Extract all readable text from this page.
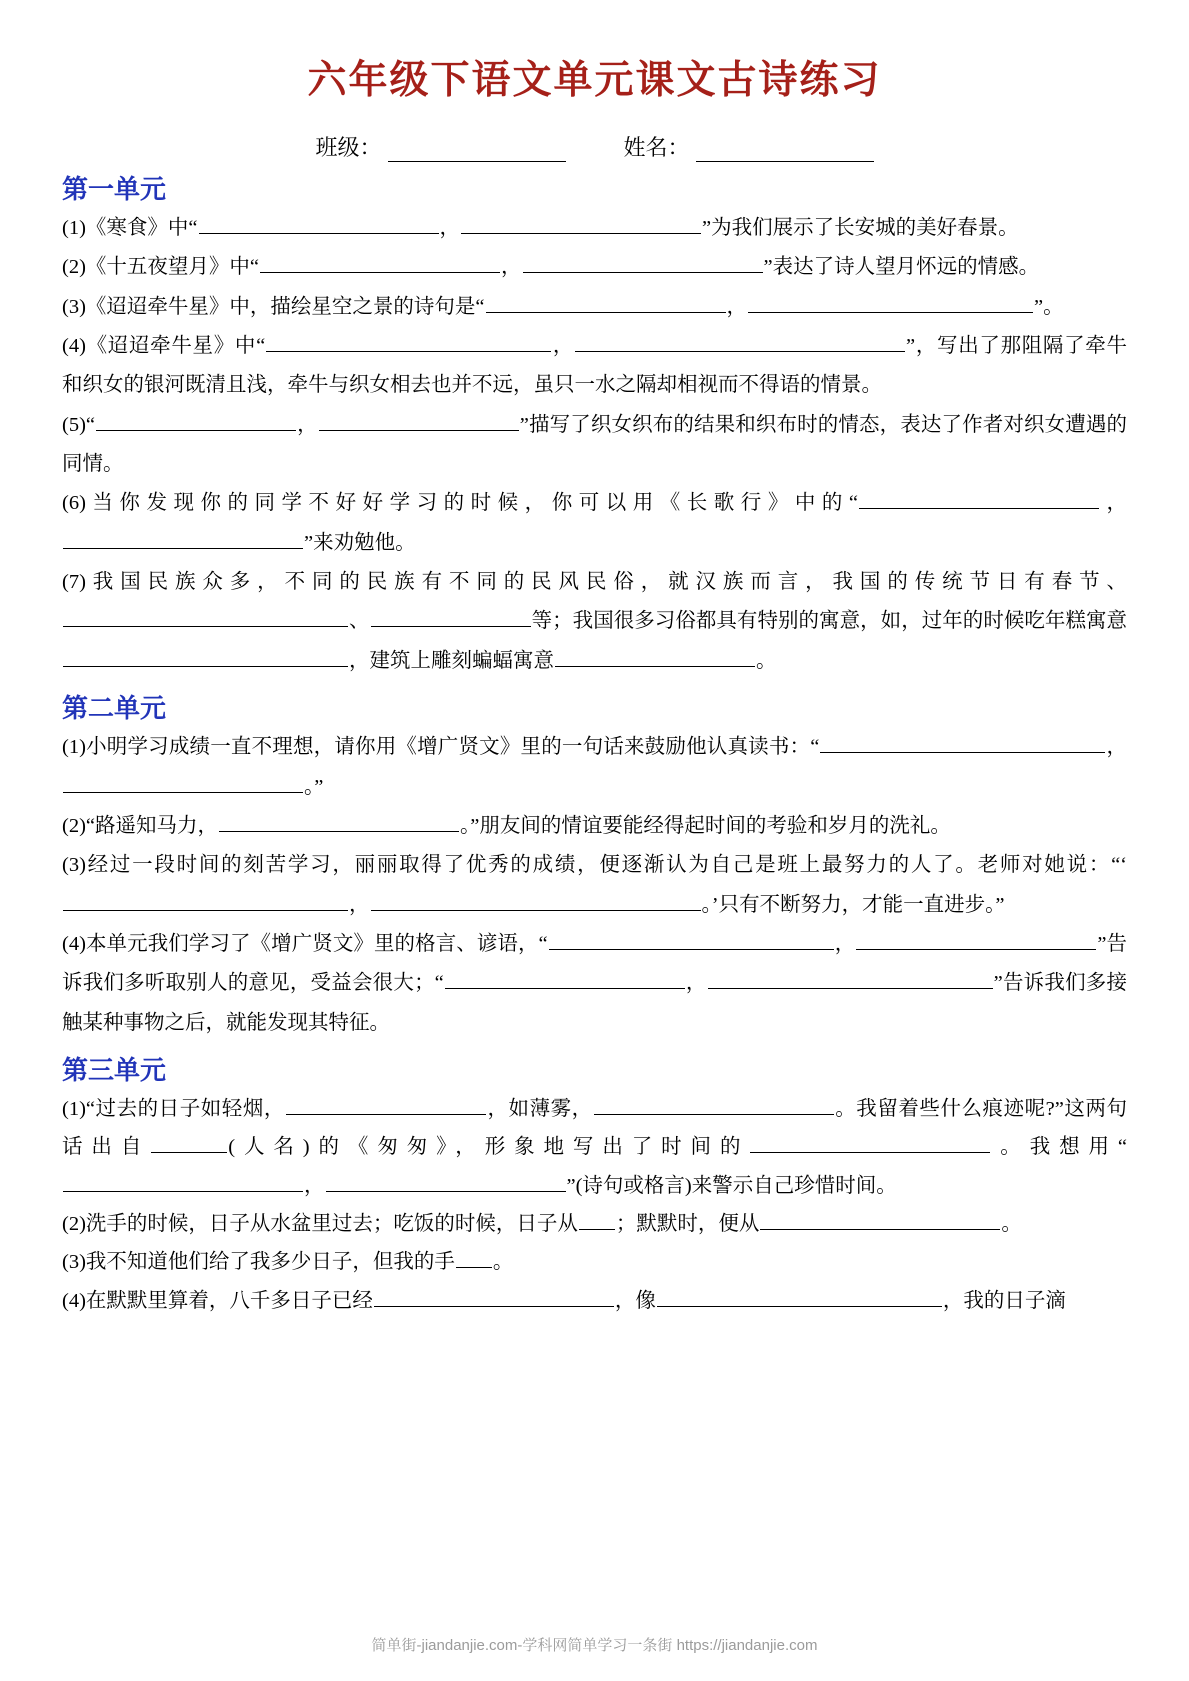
六年级下语文单元课文古诗练习
班级：	姓名：
第一单元

(1)《寒食》中“	，	”为我们展示了长安城的美好春景。

(2)《十五夜望月》中“	，	”表达了诗人望月怀远的情感。

(3)《迢迢牵牛星》中，描绘星空之景的诗句是“	，	”。

(4)《迢迢牵牛星》中“	，	”，写出了那阻隔了牵牛和织女的银河既清且浅，牵牛与织女相去也并不远，虽只一水之隔却相视而不得语的情景。

(5)“	，	”描写了织女织布的结果和织布时的情态，表达了作者对织女遭遇的同情。

(6)当你发现你的同学不好好学习的时候，你可以用《长歌行》中的“	，”来劝勉他。

(7)我国民族众多，不同的民族有不同的民风民俗，就汉族而言，我国的传统节日有春节、、	等；我国很多习俗都具有特别的寓意，如，过年的时候吃年糕寓意，建筑上雕刻蝙蝠寓意	。

第二单元

(1)小明学习成绩一直不理想，请你用《增广贤文》里的一句话来鼓励他认真读书：“	，。”

(2)“路遥知马力，	。”朋友间的情谊要能经得起时间的考验和岁月的洗礼。

(3)经过一段时间的刻苦学习，丽丽取得了优秀的成绩，便逐渐认为自己是班上最努力的人了。老师对她说：“‘，	。’只有不断努力，才能一直进步。”

(4)本单元我们学习了《增广贤文》里的格言、谚语，“	，	”告诉我们多听取别人的意见，受益会很大；“	，	”告诉我们多接触某种事物之后，就能发现其特征。

第三单元

(1)“过去的日子如轻烟，	，如薄雾，	。我留着些什么痕迹呢?”这两句话出自	(人名)的《匆匆》，形象地写出了时间的	。我想用“，	”(诗句或格言)来警示自己珍惜时间。

(2)洗手的时候，日子从水盆里过去；吃饭的时候，日子从 ；默默时，便从	。

(3)我不知道他们给了我多少日子，但我的手 。

(4)在默默里算着，八千多日子已经	，像	，我的日子滴

简单街-jiandanjie.com-学科网简单学习一条街 https://jiandanjie.com
